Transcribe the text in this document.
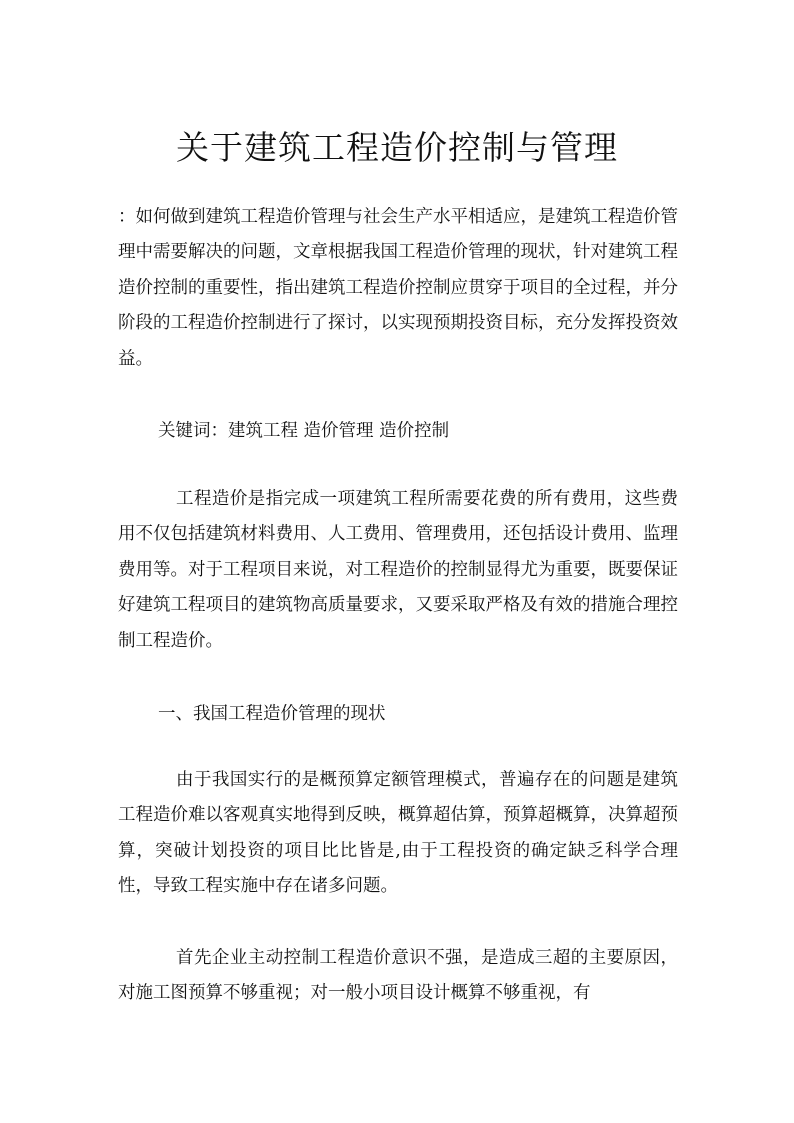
关于建筑工程造价控制与管理

：如何做到建筑工程造价管理与社会生产水平相适应，是建筑工程造价管理中需要解决的问题，文章根据我国工程造价管理的现状，针对建筑工程造价控制的重要性，指出建筑工程造价控制应贯穿于项目的全过程，并分阶段的工程造价控制进行了探讨，以实现预期投资目标，充分发挥投资效益。

关键词：建筑工程 造价管理 造价控制

工程造价是指完成一项建筑工程所需要花费的所有费用，这些费用不仅包括建筑材料费用、人工费用、管理费用，还包括设计费用、监理费用等。对于工程项目来说，对工程造价的控制显得尤为重要，既要保证好建筑工程项目的建筑物高质量要求，又要采取严格及有效的措施合理控制工程造价。

一、我国工程造价管理的现状

由于我国实行的是概预算定额管理模式，普遍存在的问题是建筑工程造价难以客观真实地得到反映，概算超估算，预算超概算，决算超预算，突破计划投资的项目比比皆是,由于工程投资的确定缺乏科学合理性，导致工程实施中存在诸多问题。

首先企业主动控制工程造价意识不强，是造成三超的主要原因，对施工图预算不够重视；对一般小项目设计概算不够重视，有
